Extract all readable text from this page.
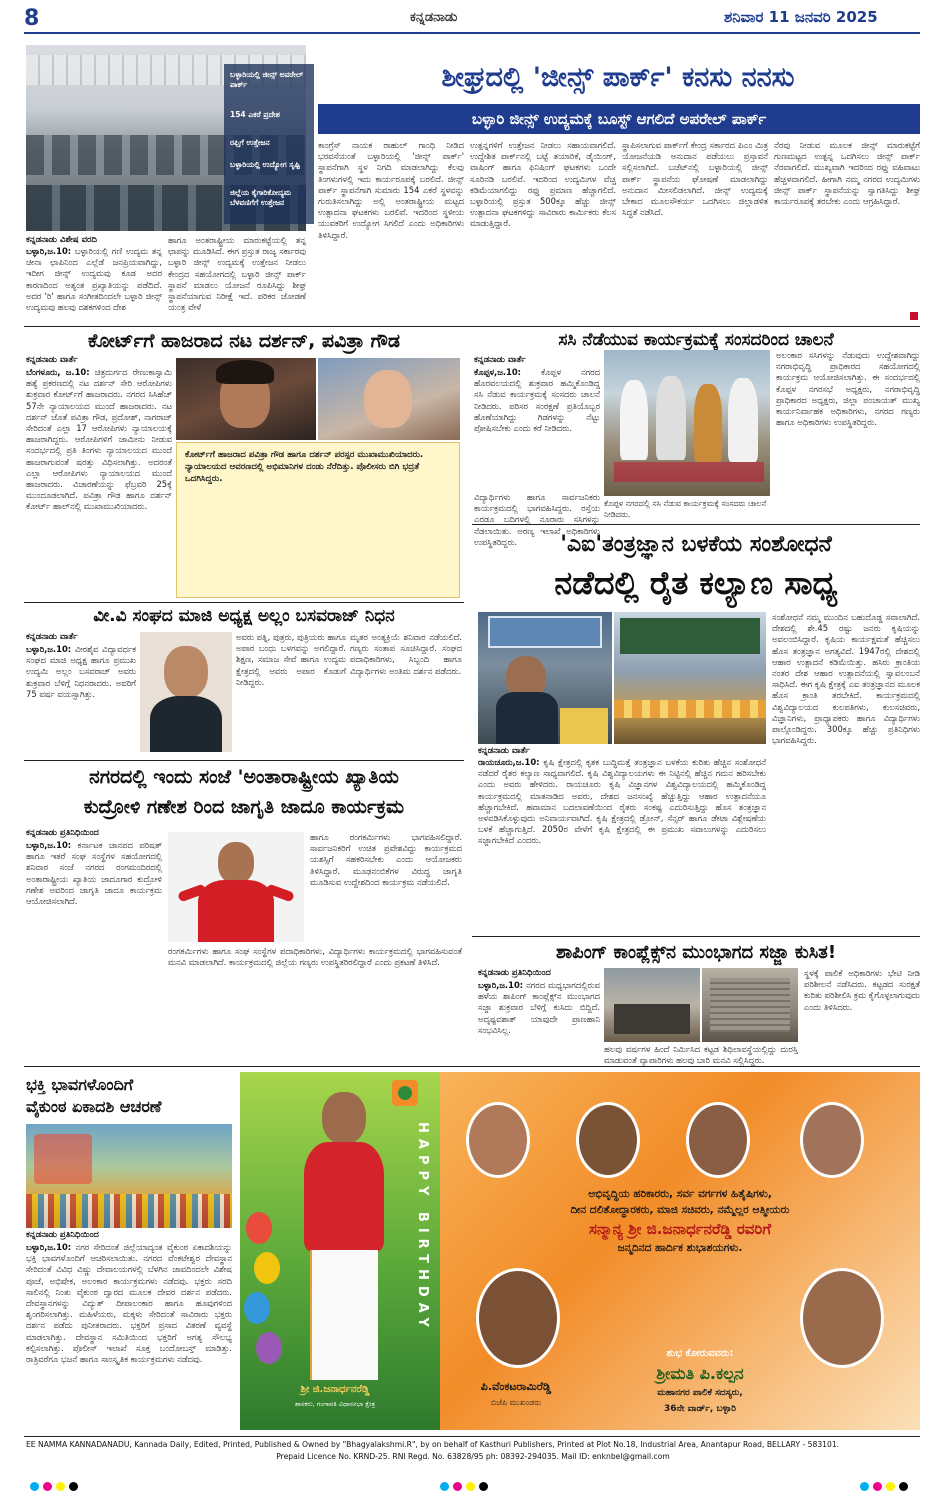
8	ಕನ್ನಡನಾಡು	ಶನಿವಾರ 11 ಜನವರಿ 2025
ಬಳ್ಳಾರಿಯಲ್ಲಿ ಜೀನ್ಸ್ ಅಪರೇಲ್ ಪಾರ್ಕ್
154 ಎಕರೆ ಪ್ರದೇಶ
ರಫ್ತಿಗೆ ಉತ್ತೇಜನ
ಬಳ್ಳಾರಿಯಲ್ಲಿ ಉದ್ಯೋಗ ಸೃಷ್ಟಿ
ಜಿಲ್ಲೆಯ ಕೈಗಾರಿಕೋದ್ಯಮ ಬೆಳವಣಿಗೆಗೆ ಉತ್ತೇಜನ
ಶೀಘ್ರದಲ್ಲಿ 'ಜೀನ್ಸ್ ಪಾರ್ಕ್' ಕನಸು ನನಸು
ಬಳ್ಳಾರಿ ಜೀನ್ಸ್ ಉದ್ಯಮಕ್ಕೆ ಬೂಸ್ಟ್ ಆಗಲಿದೆ ಅಪರೇಲ್ ಪಾರ್ಕ್
ಕನ್ನಡನಾಡು ವಿಶೇಷ ವರದಿ
ಬಳ್ಳಾರಿ,ಜ.10: ಬಳ್ಳಾರಿಯಲ್ಲಿ ಗಣಿ ಉದ್ಯಮ ತನ್ನ ಚೀನಾ ಛಾಪಿನಿಂದ ಎಲ್ಲೆಡೆ ಜನಪ್ರಿಯವಾಗಿದ್ದು, ಇದೀಗ ಜೀನ್ಸ್ ಉದ್ಯಮವು ಕೂಡ ಅದರ ಕಾರಣದಿಂದ ಅತ್ಯಂತ ಪ್ರಖ್ಯಾತಿಯನ್ನು ಪಡೆದಿದೆ. ಅದರ 'ರಿ' ಹಾಗೂ ಸಂಗೀತದಿಂದಲೇ ಬಳ್ಳಾರಿ ಜೀನ್ಸ್ ಉದ್ಯಮವು ಹಲವು ದಶಕಗಳಿಂದ ದೇಶ
ಹಾಗೂ ಅಂತರಾಷ್ಟ್ರೀಯ ಮಾರುಕಟ್ಟೆಯಲ್ಲಿ ತನ್ನ ಛಾಪನ್ನು ಮೂಡಿಸಿದೆ. ಈಗ ಪ್ರಸ್ತುತ ರಾಜ್ಯ ಸರ್ಕಾರವು ಬಳ್ಳಾರಿ ಜೀನ್ಸ್ ಉದ್ಯಮಕ್ಕೆ ಉತ್ತೇಜನ ನೀಡಲು ಕೇಂದ್ರದ ಸಹಯೋಗದಲ್ಲಿ ಬಳ್ಳಾರಿ ಜೀನ್ಸ್ ಪಾರ್ಕ್ ಸ್ಥಾಪನೆ ಮಾಡಲು ಯೋಜನೆ ರೂಪಿಸಿದ್ದು ಶೀಘ್ರ ಸ್ಥಾಪನೆಯಾಗುವ ನಿರೀಕ್ಷೆ ಇದೆ. ಪರಿಕರ ಜೋಡಣೆ ಯಂತ್ರ ವೇಳೆ
ಕಾಂಗ್ರೆಸ್ ನಾಯಕ ರಾಹುಲ್ ಗಾಂಧಿ ನೀಡಿದ ಭರವಸೆಯಂತೆ ಬಳ್ಳಾರಿಯಲ್ಲಿ 'ಜೀನ್ಸ್ ಪಾರ್ಕ್' ಸ್ಥಾಪನೆಗಾಗಿ ಸ್ಥಳ ನಿಗದಿ ಮಾಡಲಾಗಿದ್ದು ಕೆಲವು ತಿಂಗಳುಗಳಲ್ಲಿ ಇದು ಕಾರ್ಯರೂಪಕ್ಕೆ ಬರಲಿದೆ. ಜೀನ್ಸ್ ಪಾರ್ಕ್ ಸ್ಥಾಪನೆಗಾಗಿ ಸುಮಾರು 154 ಎಕರೆ ಸ್ಥಳವನ್ನು ಗುರುತಿಸಲಾಗಿದ್ದು ಅಲ್ಲಿ ಅಂತರಾಷ್ಟ್ರೀಯ ಮಟ್ಟದ ಉತ್ಪಾದನಾ ಘಟಕಗಳು ಬರಲಿವೆ. ಇದರಿಂದ ಸ್ಥಳೀಯ ಯುವಕರಿಗೆ ಉದ್ಯೋಗ ಸಿಗಲಿದೆ ಎಂದು ಅಧಿಕಾರಿಗಳು ತಿಳಿಸಿದ್ದಾರೆ.
ಉತ್ಪನ್ನಗಳಿಗೆ ಉತ್ತೇಜನ ನೀಡಲು ಸಹಾಯವಾಗಲಿದೆ. ಉದ್ದೇಶಿತ ಪಾರ್ಕ್‌ನಲ್ಲಿ ಬಟ್ಟೆ ತಯಾರಿಕೆ, ಡೈಯಿಂಗ್, ವಾಷಿಂಗ್ ಹಾಗೂ ಫಿನಿಷಿಂಗ್ ಘಟಕಗಳು ಒಂದೇ ಸೂರಿನಡಿ ಬರಲಿವೆ. ಇದರಿಂದ ಉದ್ಯಮಿಗಳ ವೆಚ್ಚ ಕಡಿಮೆಯಾಗಲಿದ್ದು ರಫ್ತು ಪ್ರಮಾಣ ಹೆಚ್ಚಾಗಲಿದೆ. ಬಳ್ಳಾರಿಯಲ್ಲಿ ಪ್ರಸ್ತುತ 500ಕ್ಕೂ ಹೆಚ್ಚು ಜೀನ್ಸ್ ಉತ್ಪಾದನಾ ಘಟಕಗಳಿದ್ದು ಸಾವಿರಾರು ಕಾರ್ಮಿಕರು ಕೆಲಸ ಮಾಡುತ್ತಿದ್ದಾರೆ.
ಸ್ಥಾಪಿಸಲಾಗುವ ಪಾರ್ಕ್‌ಗೆ ಕೇಂದ್ರ ಸರ್ಕಾರದ ಪಿಎಂ ಮಿತ್ರ ಯೋಜನೆಯಡಿ ಅನುದಾನ ಪಡೆಯಲು ಪ್ರಸ್ತಾವನೆ ಸಲ್ಲಿಸಲಾಗಿದೆ. ಬಜೆಟ್‌ನಲ್ಲಿ ಬಳ್ಳಾರಿಯಲ್ಲಿ ಜೀನ್ಸ್ ಪಾರ್ಕ್ ಸ್ಥಾಪನೆಯ ಘೋಷಣೆ ಮಾಡಲಾಗಿದ್ದು ಅನುದಾನ ಮೀಸಲಿಡಲಾಗಿದೆ. ಜೀನ್ಸ್ ಉದ್ಯಮಕ್ಕೆ ಬೇಕಾದ ಮೂಲಸೌಕರ್ಯ ಒದಗಿಸಲು ಜಿಲ್ಲಾಡಳಿತ ಸಿದ್ಧತೆ ನಡೆಸಿದೆ.
ನೆರವು ನೀಡುವ ಮೂಲಕ ಜೀನ್ಸ್ ಮಾರುಕಟ್ಟೆಗೆ ಗುಣಮಟ್ಟದ ಉತ್ಪನ್ನ ಒದಗಿಸಲು ಜೀನ್ಸ್ ಪಾರ್ಕ್ ನೆರವಾಗಲಿದೆ. ಮುಖ್ಯವಾಗಿ ಇದರಿಂದ ರಫ್ತು ವಹಿವಾಟು ಹೆಚ್ಚಳವಾಗಲಿದೆ. ಹೀಗಾಗಿ ನಮ್ಮ ನಗರದ ಉದ್ಯಮಿಗಳು ಜೀನ್ಸ್ ಪಾರ್ಕ್ ಸ್ಥಾಪನೆಯನ್ನು ಸ್ವಾಗತಿಸಿದ್ದು ಶೀಘ್ರ ಕಾರ್ಯರೂಪಕ್ಕೆ ತರಬೇಕು ಎಂದು ಆಗ್ರಹಿಸಿದ್ದಾರೆ.
ಕೋರ್ಟ್‌ಗೆ ಹಾಜರಾದ ನಟ ದರ್ಶನ್, ಪವಿತ್ರಾ ಗೌಡ
ಕನ್ನಡನಾಡು ವಾರ್ತೆ
ಬೆಂಗಳೂರು, ಜ.10: ಚಿತ್ರದುರ್ಗದ ರೇಣುಕಾಸ್ವಾಮಿ ಹತ್ಯೆ ಪ್ರಕರಣದಲ್ಲಿ ನಟ ದರ್ಶನ್ ಸೇರಿ ಆರೋಪಿಗಳು ಶುಕ್ರವಾರ ಕೋರ್ಟ್‌ಗೆ ಹಾಜರಾದರು. ನಗರದ ಸಿಸಿಹೆಚ್ 57ನೇ ನ್ಯಾಯಾಲಯದ ಮುಂದೆ ಹಾಜರಾದರು. ನಟ ದರ್ಶನ್ ಜೊತೆ ಪವಿತ್ರಾ ಗೌಡ, ಪ್ರದೋಶ್, ನಾಗರಾಜ್ ಸೇರಿದಂತೆ ಎಲ್ಲಾ 17 ಆರೋಪಿಗಳು ನ್ಯಾಯಾಲಯಕ್ಕೆ ಹಾಜರಾಗಿದ್ದರು. ಆರೋಪಿಗಳಿಗೆ ಜಾಮೀನು ನೀಡುವ ಸಂದರ್ಭದಲ್ಲಿ ಪ್ರತಿ ತಿಂಗಳು ನ್ಯಾಯಾಲಯದ ಮುಂದೆ ಹಾಜರಾಗುವಂತೆ ಷರತ್ತು ವಿಧಿಸಲಾಗಿತ್ತು. ಅದರಂತೆ ಎಲ್ಲಾ ಆರೋಪಿಗಳು ನ್ಯಾಯಾಲಯದ ಮುಂದೆ ಹಾಜರಾದರು. ವಿಚಾರಣೆಯನ್ನು ಫೆಬ್ರವರಿ 25ಕ್ಕೆ ಮುಂದೂಡಲಾಗಿದೆ. ಪವಿತ್ರಾ ಗೌಡ ಹಾಗೂ ದರ್ಶನ್ ಕೋರ್ಟ್ ಹಾಲ್‌ನಲ್ಲಿ ಮುಖಾಮುಖಿಯಾದರು.
ಕೋರ್ಟ್‌ಗೆ ಹಾಜರಾದ ಪವಿತ್ರಾ ಗೌಡ ಹಾಗೂ ದರ್ಶನ್ ಪರಸ್ಪರ ಮುಖಾಮುಖಿಯಾದರು. ನ್ಯಾಯಾಲಯದ ಆವರಣದಲ್ಲಿ ಅಭಿಮಾನಿಗಳ ದಂಡು ನೆರೆದಿತ್ತು. ಪೊಲೀಸರು ಬಿಗಿ ಭದ್ರತೆ ಒದಗಿಸಿದ್ದರು.
ಸಸಿ ನೆಡೆಯುವ ಕಾರ್ಯಕ್ರಮಕ್ಕೆ ಸಂಸದರಿಂದ ಚಾಲನೆ
ಕನ್ನಡನಾಡು ವಾರ್ತೆ
ಕೊಪ್ಪಳ,ಜ.10: ಕೊಪ್ಪಳ ನಗರದ ಹೊರವಲಯದಲ್ಲಿ ಶುಕ್ರವಾರ ಹಮ್ಮಿಕೊಂಡಿದ್ದ ಸಸಿ ನೆಡುವ ಕಾರ್ಯಕ್ರಮಕ್ಕೆ ಸಂಸದರು ಚಾಲನೆ ನೀಡಿದರು. ಪರಿಸರ ಸಂರಕ್ಷಣೆ ಪ್ರತಿಯೊಬ್ಬರ ಹೊಣೆಯಾಗಿದ್ದು ಗಿಡಗಳನ್ನು ನೆಟ್ಟು ಪೋಷಿಸಬೇಕು ಎಂದು ಕರೆ ನೀಡಿದರು.
ವಿದ್ಯಾರ್ಥಿಗಳು ಹಾಗೂ ಸಾರ್ವಜನಿಕರು ಕಾರ್ಯಕ್ರಮದಲ್ಲಿ ಭಾಗವಹಿಸಿದ್ದರು. ರಸ್ತೆಯ ಎರಡೂ ಬದಿಗಳಲ್ಲಿ ನೂರಾರು ಸಸಿಗಳನ್ನು ನೆಡಲಾಯಿತು. ಅರಣ್ಯ ಇಲಾಖೆ ಅಧಿಕಾರಿಗಳು ಉಪಸ್ಥಿತರಿದ್ದರು.
ಕೊಪ್ಪಳ ನಗರದಲ್ಲಿ ಸಸಿ ನೆಡುವ ಕಾರ್ಯಕ್ರಮಕ್ಕೆ ಸಂಸದರು ಚಾಲನೆ ನೀಡಿದರು.
ಅಲಂಕಾರ ಸಸಿಗಳನ್ನು ನೆಡುವುದು ಉದ್ದೇಶವಾಗಿದ್ದು ನಗರಾಭಿವೃದ್ಧಿ ಪ್ರಾಧಿಕಾರದ ಸಹಯೋಗದಲ್ಲಿ ಕಾರ್ಯಕ್ರಮ ಆಯೋಜಿಸಲಾಗಿತ್ತು. ಈ ಸಂದರ್ಭದಲ್ಲಿ ಕೊಪ್ಪಳ ನಗರಸಭೆ ಅಧ್ಯಕ್ಷರು, ನಗರಾಭಿವೃದ್ಧಿ ಪ್ರಾಧಿಕಾರದ ಅಧ್ಯಕ್ಷರು, ಜಿಲ್ಲಾ ಪಂಚಾಯತ್ ಮುಖ್ಯ ಕಾರ್ಯನಿರ್ವಾಹಕ ಅಧಿಕಾರಿಗಳು, ನಗರದ ಗಣ್ಯರು ಹಾಗೂ ಅಧಿಕಾರಿಗಳು ಉಪಸ್ಥಿತರಿದ್ದರು.
'ಎಐ'ತಂತ್ರಜ್ಞಾನ ಬಳಕೆಯ ಸಂಶೋಧನೆ
ನಡೆದಲ್ಲಿ ರೈತ ಕಲ್ಯಾಣ ಸಾಧ್ಯ
ಕನ್ನಡನಾಡು ವಾರ್ತೆ
ರಾಯಚೂರು,ಜ.10: ಕೃಷಿ ಕ್ಷೇತ್ರದಲ್ಲಿ ಕೃತಕ ಬುದ್ಧಿಮತ್ತೆ ತಂತ್ರಜ್ಞಾನ ಬಳಕೆಯ ಕುರಿತು ಹೆಚ್ಚಿನ ಸಂಶೋಧನೆ ನಡೆದರೆ ರೈತರ ಕಲ್ಯಾಣ ಸಾಧ್ಯವಾಗಲಿದೆ. ಕೃಷಿ ವಿಶ್ವವಿದ್ಯಾಲಯಗಳು ಈ ನಿಟ್ಟಿನಲ್ಲಿ ಹೆಚ್ಚಿನ ಗಮನ ಹರಿಸಬೇಕು ಎಂದು ಅವರು ಹೇಳಿದರು. ರಾಯಚೂರು ಕೃಷಿ ವಿಜ್ಞಾನಗಳ ವಿಶ್ವವಿದ್ಯಾಲಯದಲ್ಲಿ ಹಮ್ಮಿಕೊಂಡಿದ್ದ ಕಾರ್ಯಕ್ರಮದಲ್ಲಿ ಮಾತನಾಡಿದ ಅವರು, ದೇಶದ ಜನಸಂಖ್ಯೆ ಹೆಚ್ಚುತ್ತಿದ್ದು ಆಹಾರ ಉತ್ಪಾದನೆಯೂ ಹೆಚ್ಚಾಗಬೇಕಿದೆ. ಹವಾಮಾನ ಬದಲಾವಣೆಯಿಂದ ರೈತರು ಸಂಕಷ್ಟ ಎದುರಿಸುತ್ತಿದ್ದು ಹೊಸ ತಂತ್ರಜ್ಞಾನ ಅಳವಡಿಸಿಕೊಳ್ಳುವುದು ಅನಿವಾರ್ಯವಾಗಿದೆ. ಕೃಷಿ ಕ್ಷೇತ್ರದಲ್ಲಿ ಡ್ರೋನ್, ಸೆನ್ಸರ್ ಹಾಗೂ ಡೇಟಾ ವಿಶ್ಲೇಷಣೆಯ ಬಳಕೆ ಹೆಚ್ಚಾಗುತ್ತಿದೆ. 2050ರ ವೇಳೆಗೆ ಕೃಷಿ ಕ್ಷೇತ್ರದಲ್ಲಿ ಈ ಪ್ರಮುಖ ಸವಾಲುಗಳನ್ನು ಎದುರಿಸಲು ಸಜ್ಜಾಗಬೇಕಿದೆ ಎಂದರು.
ಸಂಶೋಧನೆ ನಮ್ಮ ಮುಂದಿನ ಬಹುದೊಡ್ಡ ಸವಾಲಾಗಿದೆ. ದೇಶದಲ್ಲಿ ಶೇ.45 ರಷ್ಟು ಜನರು ಕೃಷಿಯನ್ನು ಅವಲಂಬಿಸಿದ್ದಾರೆ. ಕೃಷಿಯ ಕಾರ್ಯಕ್ಷಮತೆ ಹೆಚ್ಚಿಸಲು ಹೊಸ ತಂತ್ರಜ್ಞಾನ ಅಗತ್ಯವಿದೆ. 1947ರಲ್ಲಿ ದೇಶದಲ್ಲಿ ಆಹಾರ ಉತ್ಪಾದನೆ ಕಡಿಮೆಯಿತ್ತು. ಹಸಿರು ಕ್ರಾಂತಿಯ ನಂತರ ದೇಶ ಆಹಾರ ಉತ್ಪಾದನೆಯಲ್ಲಿ ಸ್ವಾವಲಂಬನೆ ಸಾಧಿಸಿದೆ. ಈಗ ಕೃಷಿ ಕ್ಷೇತ್ರಕ್ಕೆ ಎಐ ತಂತ್ರಜ್ಞಾನದ ಮೂಲಕ ಹೊಸ ಕ್ರಾಂತಿ ತರಬೇಕಿದೆ. ಕಾರ್ಯಕ್ರಮದಲ್ಲಿ ವಿಶ್ವವಿದ್ಯಾಲಯದ ಕುಲಪತಿಗಳು, ಕುಲಸಚಿವರು, ವಿಜ್ಞಾನಿಗಳು, ಪ್ರಾಧ್ಯಾಪಕರು ಹಾಗೂ ವಿದ್ಯಾರ್ಥಿಗಳು ಪಾಲ್ಗೊಂಡಿದ್ದರು. 300ಕ್ಕೂ ಹೆಚ್ಚು ಪ್ರತಿನಿಧಿಗಳು ಭಾಗವಹಿಸಿದ್ದರು.
ವೀ.ವಿ ಸಂಘದ ಮಾಜಿ ಅಧ್ಯಕ್ಷ ಅಲ್ಲಂ ಬಸವರಾಜ್ ನಿಧನ
ಕನ್ನಡನಾಡು ವಾರ್ತೆ
ಬಳ್ಳಾರಿ,ಜ.10: ವೀರಶೈವ ವಿದ್ಯಾವರ್ಧಕ ಸಂಘದ ಮಾಜಿ ಅಧ್ಯಕ್ಷ ಹಾಗೂ ಪ್ರಮುಖ ಉದ್ಯಮಿ ಅಲ್ಲಂ ಬಸವರಾಜ್ ಅವರು ಶುಕ್ರವಾರ ಬೆಳಿಗ್ಗೆ ನಿಧನರಾದರು. ಅವರಿಗೆ 75 ವರ್ಷ ವಯಸ್ಸಾಗಿತ್ತು.
ಅವರು ಪತ್ನಿ, ಪುತ್ರರು, ಪುತ್ರಿಯರು ಹಾಗೂ ಅಪಾರ ಬಂಧು ಬಳಗವನ್ನು ಅಗಲಿದ್ದಾರೆ. ಶಿಕ್ಷಣ, ಸಮಾಜ ಸೇವೆ ಹಾಗೂ ಉದ್ಯಮ ಕ್ಷೇತ್ರದಲ್ಲಿ ಅವರು ಅಪಾರ ಕೊಡುಗೆ ನೀಡಿದ್ದರು.
ಮೃತರ ಅಂತ್ಯಕ್ರಿಯೆ ಶನಿವಾರ ನಡೆಯಲಿದೆ. ಗಣ್ಯರು ಸಂತಾಪ ಸೂಚಿಸಿದ್ದಾರೆ. ಸಂಘದ ಪದಾಧಿಕಾರಿಗಳು, ಸಿಬ್ಬಂದಿ ಹಾಗೂ ವಿದ್ಯಾರ್ಥಿಗಳು ಅಂತಿಮ ದರ್ಶನ ಪಡೆದರು.
ನಗರದಲ್ಲಿ ಇಂದು ಸಂಜೆ 'ಅಂತಾರಾಷ್ಟ್ರೀಯ ಖ್ಯಾತಿಯ
ಕುದ್ರೋಳಿ ಗಣೇಶ ರಿಂದ ಜಾಗೃತಿ ಜಾದೂ ಕಾರ್ಯಕ್ರಮ
ಕನ್ನಡನಾಡು ಪ್ರತಿನಿಧಿಯಿಂದ
ಬಳ್ಳಾರಿ,ಜ.10: ಕರ್ನಾಟಕ ಜಾನಪದ ಪರಿಷತ್ ಹಾಗೂ ಇತರೆ ಸಂಘ ಸಂಸ್ಥೆಗಳ ಸಹಯೋಗದಲ್ಲಿ ಶನಿವಾರ ಸಂಜೆ ನಗರದ ರಂಗಮಂದಿರದಲ್ಲಿ ಅಂತಾರಾಷ್ಟ್ರೀಯ ಖ್ಯಾತಿಯ ಜಾದೂಗಾರ ಕುದ್ರೋಳಿ ಗಣೇಶ ಅವರಿಂದ ಜಾಗೃತಿ ಜಾದೂ ಕಾರ್ಯಕ್ರಮ ಆಯೋಜಿಸಲಾಗಿದೆ.
ಹಾಗೂ ರಂಗಕರ್ಮಿಗಳು ಭಾಗವಹಿಸಲಿದ್ದಾರೆ. ಸಾರ್ವಜನಿಕರಿಗೆ ಉಚಿತ ಪ್ರವೇಶವಿದ್ದು ಕಾರ್ಯಕ್ರಮದ ಯಶಸ್ಸಿಗೆ ಸಹಕರಿಸಬೇಕು ಎಂದು ಆಯೋಜಕರು ತಿಳಿಸಿದ್ದಾರೆ. ಮೂಢನಂಬಿಕೆಗಳ ವಿರುದ್ಧ ಜಾಗೃತಿ ಮೂಡಿಸುವ ಉದ್ದೇಶದಿಂದ ಕಾರ್ಯಕ್ರಮ ನಡೆಯಲಿದೆ.
ರಂಗಕರ್ಮಿಗಳು ಹಾಗೂ ಸಂಘ ಸಂಸ್ಥೆಗಳ ಪದಾಧಿಕಾರಿಗಳು, ವಿದ್ಯಾರ್ಥಿಗಳು ಕಾರ್ಯಕ್ರಮದಲ್ಲಿ ಭಾಗವಹಿಸುವಂತೆ ಮನವಿ ಮಾಡಲಾಗಿದೆ. ಕಾರ್ಯಕ್ರಮದಲ್ಲಿ ಜಿಲ್ಲೆಯ ಗಣ್ಯರು ಉಪಸ್ಥಿತರಿರಲಿದ್ದಾರೆ ಎಂದು ಪ್ರಕಟಣೆ ತಿಳಿಸಿದೆ.	ಶಾಪಿಂಗ್ ಕಾಂಪ್ಲೆಕ್ಸ್‌ನ ಮುಂಭಾಗದ ಸಜ್ಜಾ ಕುಸಿತ!
ಕನ್ನಡನಾಡು ಪ್ರತಿನಿಧಿಯಿಂದ
ಬಳ್ಳಾರಿ,ಜ.10: ನಗರದ ಮಧ್ಯಭಾಗದಲ್ಲಿರುವ ಹಳೆಯ ಶಾಪಿಂಗ್ ಕಾಂಪ್ಲೆಕ್ಸ್‌ನ ಮುಂಭಾಗದ ಸಜ್ಜಾ ಶುಕ್ರವಾರ ಬೆಳಿಗ್ಗೆ ಕುಸಿದು ಬಿದ್ದಿದೆ. ಅದೃಷ್ಟವಶಾತ್ ಯಾವುದೇ ಪ್ರಾಣಹಾನಿ ಸಂಭವಿಸಿಲ್ಲ.
ಹಲವು ವರ್ಷಗಳ ಹಿಂದೆ ನಿರ್ಮಿಸಿದ ಕಟ್ಟಡ ಶಿಥಿಲಾವಸ್ಥೆಯಲ್ಲಿದ್ದು ದುರಸ್ತಿ ಮಾಡುವಂತೆ ವ್ಯಾಪಾರಿಗಳು ಹಲವು ಬಾರಿ ಮನವಿ ಸಲ್ಲಿಸಿದ್ದರು.
ಸ್ಥಳಕ್ಕೆ ಪಾಲಿಕೆ ಅಧಿಕಾರಿಗಳು ಭೇಟಿ ನೀಡಿ ಪರಿಶೀಲನೆ ನಡೆಸಿದರು. ಕಟ್ಟಡದ ಸುರಕ್ಷತೆ ಕುರಿತು ಪರಿಶೀಲಿಸಿ ಕ್ರಮ ಕೈಗೊಳ್ಳಲಾಗುವುದು ಎಂದು ತಿಳಿಸಿದರು.
ಭಕ್ತಿ ಭಾವಗಳೊಂದಿಗೆ
ವೈಕುಂಠ ಏಕಾದಶಿ ಆಚರಣೆ
ಕನ್ನಡನಾಡು ಪ್ರತಿನಿಧಿಯಿಂದ
ಬಳ್ಳಾರಿ,ಜ.10: ನಗರ ಸೇರಿದಂತೆ ಜಿಲ್ಲೆಯಾದ್ಯಂತ ವೈಕುಂಠ ಏಕಾದಶಿಯನ್ನು ಭಕ್ತಿ ಭಾವಗಳೊಂದಿಗೆ ಆಚರಿಸಲಾಯಿತು. ನಗರದ ವೆಂಕಟೇಶ್ವರ ದೇವಸ್ಥಾನ ಸೇರಿದಂತೆ ವಿವಿಧ ವಿಷ್ಣು ದೇವಾಲಯಗಳಲ್ಲಿ ಬೆಳಗಿನ ಜಾವದಿಂದಲೇ ವಿಶೇಷ ಪೂಜೆ, ಅಭಿಷೇಕ, ಅಲಂಕಾರ ಕಾರ್ಯಕ್ರಮಗಳು ನಡೆದವು. ಭಕ್ತರು ಸರದಿ ಸಾಲಿನಲ್ಲಿ ನಿಂತು ವೈಕುಂಠ ದ್ವಾರದ ಮೂಲಕ ದೇವರ ದರ್ಶನ ಪಡೆದರು. ದೇವಸ್ಥಾನಗಳನ್ನು ವಿದ್ಯುತ್ ದೀಪಾಲಂಕಾರ ಹಾಗೂ ಹೂವುಗಳಿಂದ ಶೃಂಗರಿಸಲಾಗಿತ್ತು. ಮಹಿಳೆಯರು, ಮಕ್ಕಳು ಸೇರಿದಂತೆ ಸಾವಿರಾರು ಭಕ್ತರು ದರ್ಶನ ಪಡೆದು ಪುನೀತರಾದರು. ಭಕ್ತರಿಗೆ ಪ್ರಸಾದ ವಿತರಣೆ ವ್ಯವಸ್ಥೆ ಮಾಡಲಾಗಿತ್ತು. ದೇವಸ್ಥಾನ ಸಮಿತಿಯಿಂದ ಭಕ್ತರಿಗೆ ಅಗತ್ಯ ಸೌಲಭ್ಯ ಕಲ್ಪಿಸಲಾಗಿತ್ತು. ಪೊಲೀಸ್ ಇಲಾಖೆ ಸೂಕ್ತ ಬಂದೋಬಸ್ತ್ ಮಾಡಿತ್ತು. ರಾತ್ರಿವರೆಗೂ ಭಜನೆ ಹಾಗೂ ಸಾಂಸ್ಕೃತಿಕ ಕಾರ್ಯಕ್ರಮಗಳು ನಡೆದವು.
HAPPY BIRTHDAY
ಶ್ರೀ ಜಿ.ಜನಾರ್ಧನರೆಡ್ಡಿ
ಶಾಸಕರು, ಗಂಗಾವತಿ ವಿಧಾನಸಭಾ ಕ್ಷೇತ್ರ
ಅಭಿವೃದ್ಧಿಯ ಹರಿಕಾರರು, ಸರ್ವ ವರ್ಗಗಳ ಹಿತೈಷಿಗಳು,
ದೀನ ದಲಿತೋದ್ಧಾರಕರು, ಮಾಜಿ ಸಚಿವರು, ನಮ್ಮೆಲ್ಲರ ಆತ್ಮೀಯರು
ಸನ್ಮಾನ್ಯ ಶ್ರೀ ಜಿ.ಜನಾರ್ಧನರೆಡ್ಡಿ ರವರಿಗೆ
ಜನ್ಮದಿನದ ಹಾರ್ದಿಕ ಶುಭಾಶಯಗಳು.
ಪಿ.ವೆಂಕಟರಾಮಿರೆಡ್ಡಿ
ಬಿಜೆಪಿ ಮುಖಂಡರು
ಶುಭ ಕೋರುವವರು:
ಶ್ರೀಮತಿ ಪಿ.ಕಲ್ಪನ
ಮಹಾನಗರ ಪಾಲಿಕೆ ಸದಸ್ಯರು,
36ನೇ ವಾರ್ಡ್, ಬಳ್ಳಾರಿ
EE NAMMA KANNADANADU, Kannada Daily, Edited, Printed, Published & Owned by "Bhagyalakshmi.R", by on behalf of Kasthuri Publishers, Printed at Plot No.18, Industrial Area, Anantapur Road, BELLARY - 583101.
Prepaid Licence No. KRND-25. RNI Regd. No. 63828/95 ph: 08392-294035. Mail ID: enknbel@gmail.com
